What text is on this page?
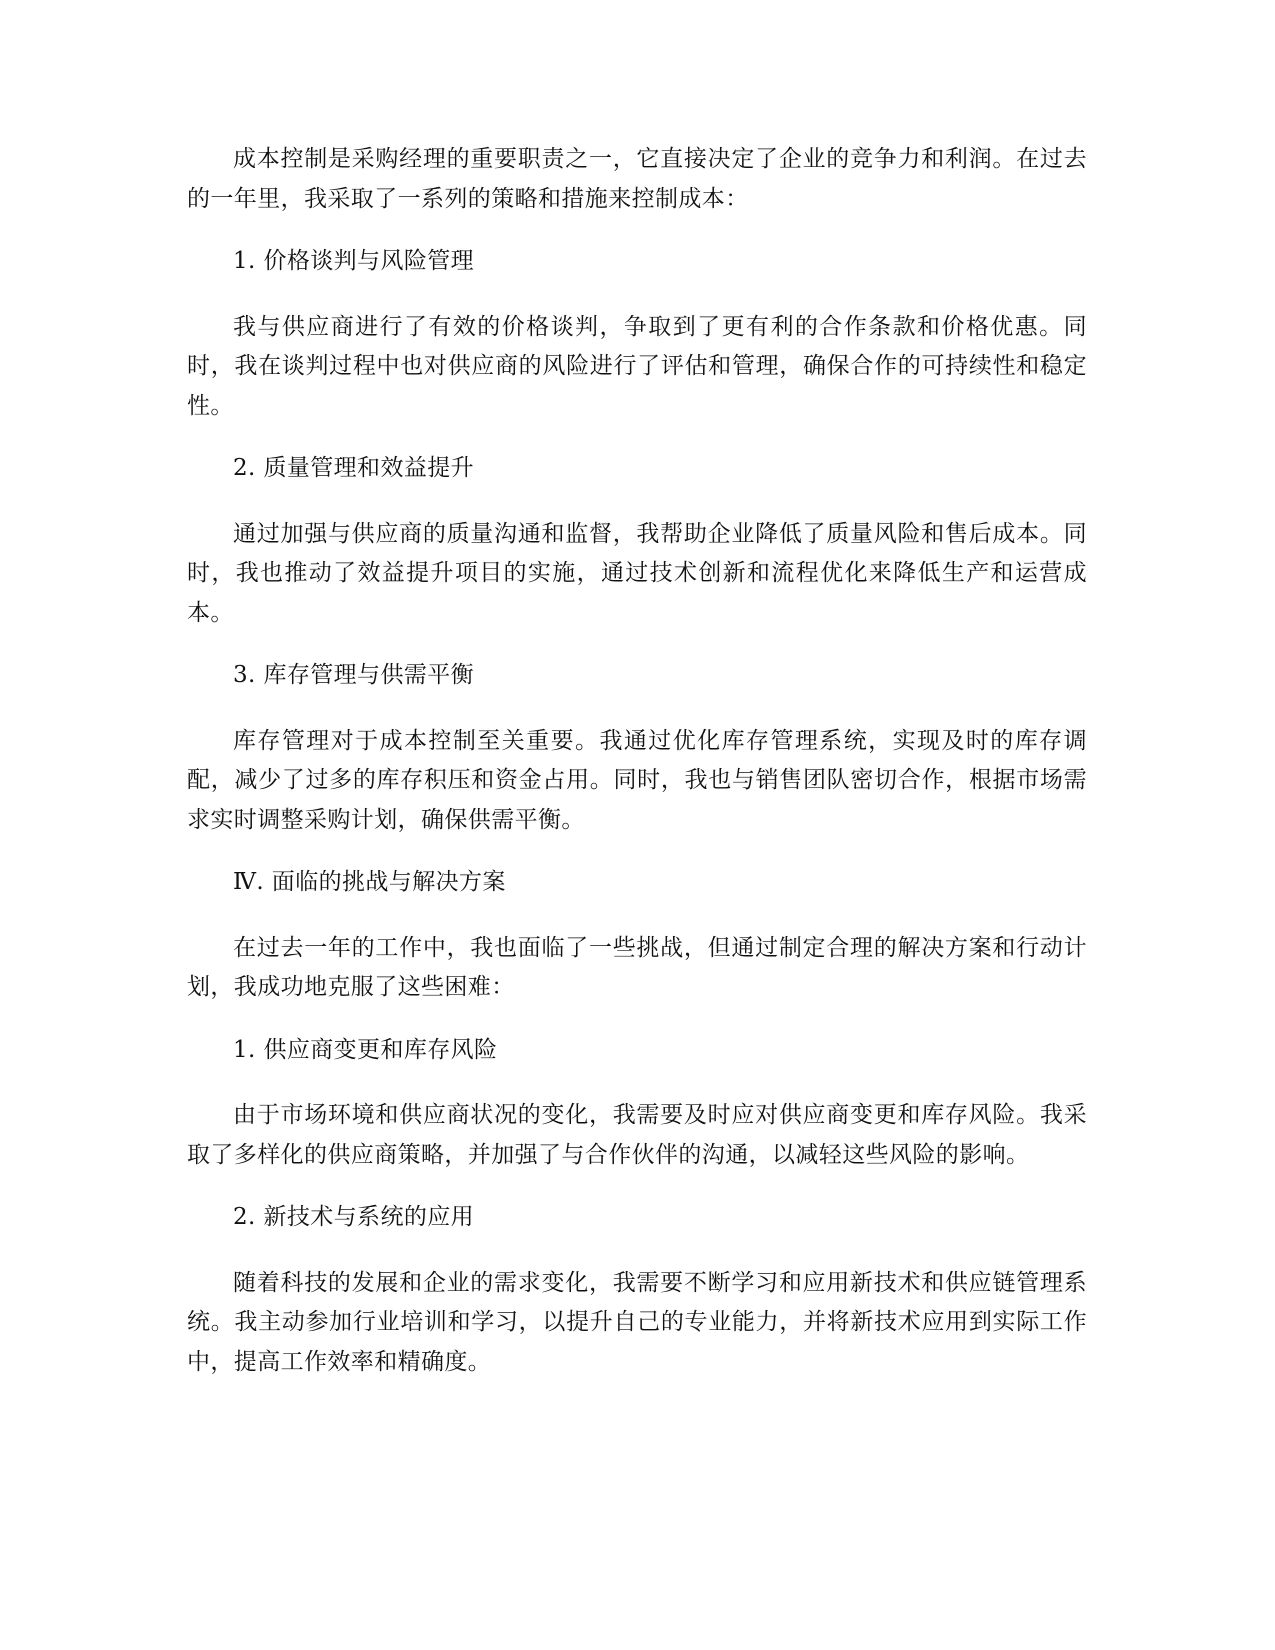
成本控制是采购经理的重要职责之一，它直接决定了企业的竞争力和利润。在过去的一年里，我采取了一系列的策略和措施来控制成本：

1. 价格谈判与风险管理

我与供应商进行了有效的价格谈判，争取到了更有利的合作条款和价格优惠。同时，我在谈判过程中也对供应商的风险进行了评估和管理，确保合作的可持续性和稳定性。

2. 质量管理和效益提升

通过加强与供应商的质量沟通和监督，我帮助企业降低了质量风险和售后成本。同时，我也推动了效益提升项目的实施，通过技术创新和流程优化来降低生产和运营成本。

3. 库存管理与供需平衡

库存管理对于成本控制至关重要。我通过优化库存管理系统，实现及时的库存调配，减少了过多的库存积压和资金占用。同时，我也与销售团队密切合作，根据市场需求实时调整采购计划，确保供需平衡。

Ⅳ. 面临的挑战与解决方案

在过去一年的工作中，我也面临了一些挑战，但通过制定合理的解决方案和行动计划，我成功地克服了这些困难：

1. 供应商变更和库存风险

由于市场环境和供应商状况的变化，我需要及时应对供应商变更和库存风险。我采取了多样化的供应商策略，并加强了与合作伙伴的沟通，以减轻这些风险的影响。

2. 新技术与系统的应用

随着科技的发展和企业的需求变化，我需要不断学习和应用新技术和供应链管理系统。我主动参加行业培训和学习，以提升自己的专业能力，并将新技术应用到实际工作中，提高工作效率和精确度。
